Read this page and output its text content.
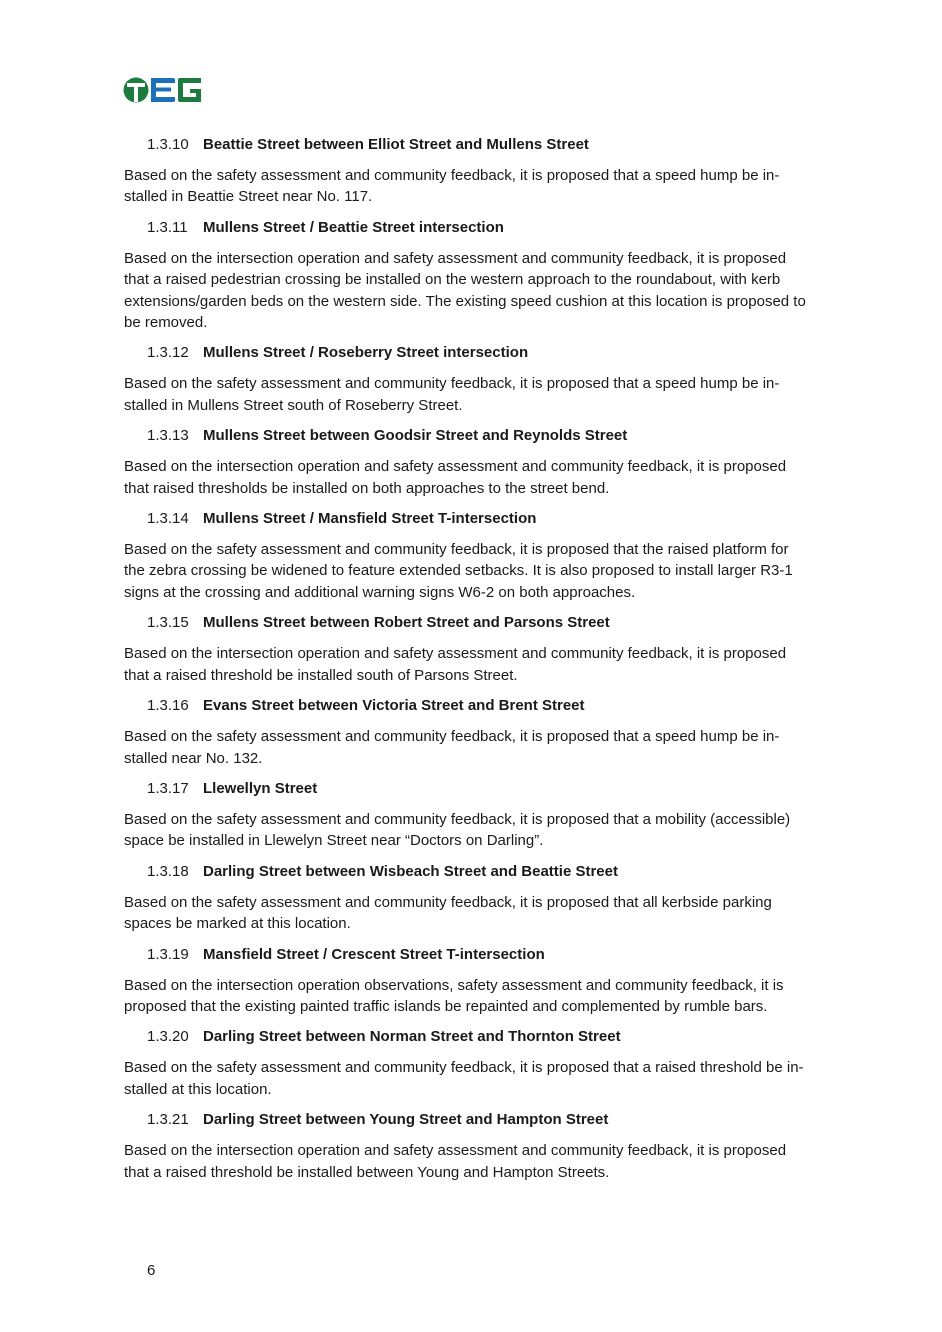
1.3.10 Beattie Street between Elliot Street and Mullens Street
Based on the safety assessment and community feedback, it is proposed that a speed hump be in-
stalled in Beattie Street near No. 117.
1.3.11 Mullens Street / Beattie Street intersection
Based on the intersection operation and safety assessment and community feedback, it is proposed
that a raised pedestrian crossing be installed on the western approach to the roundabout, with kerb
extensions/garden beds on the western side. The existing speed cushion at this location is proposed to
be removed.
1.3.12 Mullens Street / Roseberry Street intersection
Based on the safety assessment and community feedback, it is proposed that a speed hump be in-
stalled in Mullens Street south of Roseberry Street.
1.3.13 Mullens Street between Goodsir Street and Reynolds Street
Based on the intersection operation and safety assessment and community feedback, it is proposed
that raised thresholds be installed on both approaches to the street bend.
1.3.14 Mullens Street / Mansfield Street T-intersection
Based on the safety assessment and community feedback, it is proposed that the raised platform for
the zebra crossing be widened to feature extended setbacks. It is also proposed to install larger R3-1
signs at the crossing and additional warning signs W6-2 on both approaches.
1.3.15 Mullens Street between Robert Street and Parsons Street
Based on the intersection operation and safety assessment and community feedback, it is proposed
that a raised threshold be installed south of Parsons Street.
1.3.16 Evans Street between Victoria Street and Brent Street
Based on the safety assessment and community feedback, it is proposed that a speed hump be in-
stalled near No. 132.
1.3.17 Llewellyn Street
Based on the safety assessment and community feedback, it is proposed that a mobility (accessible)
space be installed in Llewelyn Street near “Doctors on Darling”.
1.3.18 Darling Street between Wisbeach Street and Beattie Street
Based on the safety assessment and community feedback, it is proposed that all kerbside parking
spaces be marked at this location.
1.3.19 Mansfield Street / Crescent Street T-intersection
Based on the intersection operation observations, safety assessment and community feedback, it is
proposed that the existing painted traffic islands be repainted and complemented by rumble bars.
1.3.20 Darling Street between Norman Street and Thornton Street
Based on the safety assessment and community feedback, it is proposed that a raised threshold be in-
stalled at this location.
1.3.21 Darling Street between Young Street and Hampton Street
Based on the intersection operation and safety assessment and community feedback, it is proposed
that a raised threshold be installed between Young and Hampton Streets.
6
